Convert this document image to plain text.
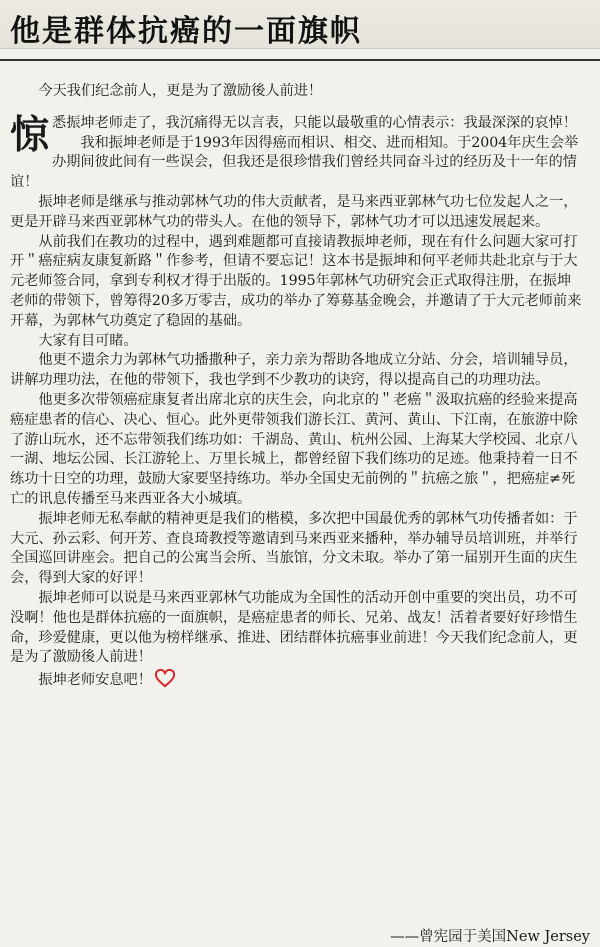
他是群体抗癌的一面旗帜

今天我们纪念前人，更是为了激励後人前进！

惊悉振坤老师走了，我沉痛得无以言表，只能以最敬重的心情表示：我最深深的哀悼！

我和振坤老师是于1993年因得癌而相识、相交、进而相知。于2004年庆生会举办期间彼此间有一些误会，但我还是很珍惜我们曾经共同奋斗过的经历及十一年的情谊！

振坤老师是继承与推动郭林气功的伟大贡献者，是马来西亚郭林气功七位发起人之一，更是开辟马来西亚郭林气功的带头人。在他的领导下，郭林气功才可以迅速发展起来。

从前我们在教功的过程中，遇到难题都可直接请教振坤老师，现在有什么问题大家可打开＂癌症病友康复新路＂作参考，但请不要忘记！这本书是振坤和何平老师共赴北京与于大元老师签合同，拿到专利权才得于出版的。1995年郭林气功研究会正式取得注册，在振坤老师的带领下，曾筹得20多万零吉，成功的举办了筹募基金晚会，并邀请了于大元老师前来开幕，为郭林气功奠定了稳固的基础。

大家有目可睹。

他更不遗余力为郭林气功播撒种子，亲力亲为帮助各地成立分站、分会，培训辅导员，讲解功理功法，在他的带领下，我也学到不少教功的诀窍，得以提高自己的功理功法。

他更多次带领癌症康复者出席北京的庆生会，向北京的＂老癌＂汲取抗癌的经验来提高癌症患者的信心、决心、恒心。此外更带领我们游长江、黄河、黄山、下江南，在旅游中除了游山玩水，还不忘带领我们练功如：千湖岛、黄山、杭州公园、上海某大学校园、北京八一湖、地坛公园、长江游轮上、万里长城上，都曾经留下我们练功的足迹。他秉持着一日不练功十日空的功理，鼓励大家要坚持练功。举办全国史无前例的＂抗癌之旅＂，把癌症≠死亡的讯息传播至马来西亚各大小城填。

振坤老师无私奉献的精神更是我们的楷模，多次把中国最优秀的郭林气功传播者如：于大元、孙云彩、何开芳、查良琦教授等邀请到马来西亚来播种，举办辅导员培训班，并举行全国巡回讲座会。把自己的公寓当会所、当旅馆，分文未取。举办了第一届别开生面的庆生会，得到大家的好评！

振坤老师可以说是马来西亚郭林气功能成为全国性的活动开创中重要的突出员，功不可没啊！他也是群体抗癌的一面旗帜，是癌症患者的师长、兄弟、战友！活着者要好好珍惜生命，珍爱健康，更以他为榜样继承、推进、团结群体抗癌事业前进！今天我们纪念前人，更是为了激励後人前进！

振坤老师安息吧！

——曾宪园于美国New Jersey
